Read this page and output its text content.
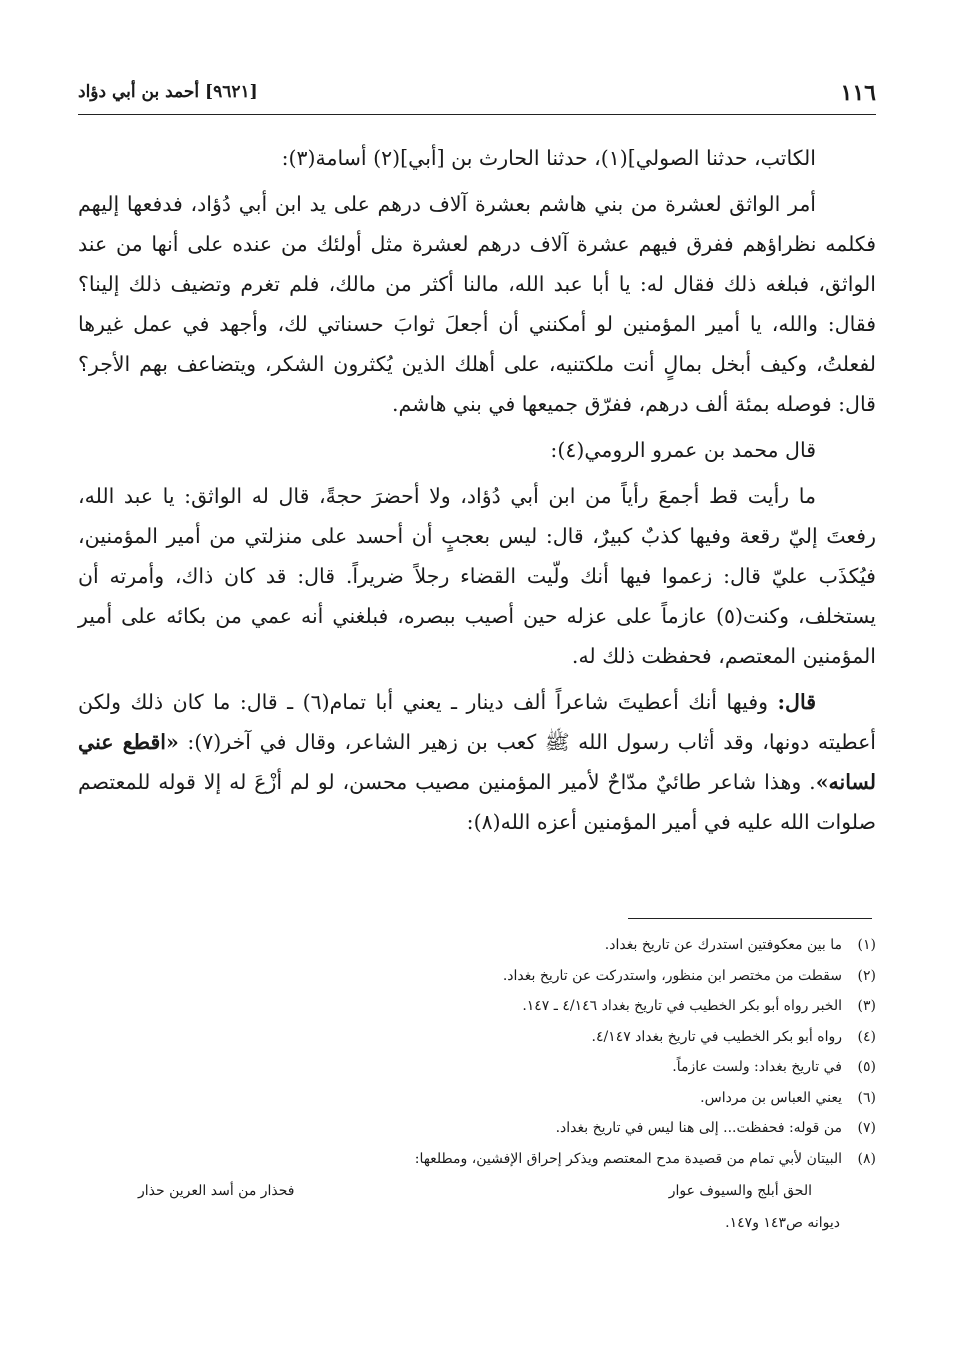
١١٦
[٩٦٢١] أحمد بن أبي دؤاد

الكاتب، حدثنا الصولي](١)، حدثنا الحارث بن [أبي](٢) أسامة(٣):

أمر الواثق لعشرة من بني هاشم بعشرة آلاف درهم على يد ابن أبي دُؤاد، فدفعها إليهم فكلمه نظراؤهم ففرق فيهم عشرة آلاف درهم لعشرة مثل أولئك من عنده على أنها من عند الواثق، فبلغه ذلك فقال له: يا أبا عبد الله، مالنا أكثر من مالك، فلم تغرم وتضيف ذلك إلينا؟ فقال: والله، يا أمير المؤمنين لو أمكنني أن أجعلَ ثوابَ حسناتي لك، وأجهد في عمل غيرها لفعلتُ، وكيف أبخل بمالٍ أنت ملكتنيه، على أهلك الذين يُكثرون الشكر، ويتضاعف بهم الأجر؟ قال: فوصله بمئة ألف درهم، ففرّق جميعها في بني هاشم.

قال محمد بن عمرو الرومي(٤):

ما رأيت قط أجمعَ رأياً من ابن أبي دُؤاد، ولا أحضرَ حجةً، قال له الواثق: يا عبد الله، رفعتَ إليّ رقعة وفيها كذبٌ كبيرٌ، قال: ليس بعجبٍ أن أحسد على منزلتي من أمير المؤمنين، فيُكذَب عليّ قال: زعموا فيها أنك ولّيت القضاء رجلاً ضريراً. قال: قد كان ذاك، وأمرته أن يستخلف، وكنت(٥) عازماً على عزله حين أصيب ببصره، فبلغني أنه عمي من بكائه على أمير المؤمنين المعتصم، فحفظت ذلك له.

قال: وفيها أنك أعطيتَ شاعراً ألف دينار ـ يعني أبا تمام(٦) ـ قال: ما كان ذلك ولكن أعطيته دونها، وقد أثاب رسول الله ﷺ كعب بن زهير الشاعر، وقال في آخر(٧): «اقطع عني لسانه». وهذا شاعر طائيٌ مدّاحٌ لأمير المؤمنين مصيب محسن، لو لم أزْعَ له إلا قوله للمعتصم صلوات الله عليه في أمير المؤمنين أعزه الله(٨):

(١)ما بين معكوفتين استدرك عن تاريخ بغداد.

(٢)سقطت من مختصر ابن منظور، واستدركت عن تاريخ بغداد.

(٣)الخبر رواه أبو بكر الخطيب في تاريخ بغداد ٤/١٤٦ ـ ١٤٧.

(٤)رواه أبو بكر الخطيب في تاريخ بغداد ٤/١٤٧.

(٥)في تاريخ بغداد: ولست عازماً.

(٦)يعني العباس بن مرداس.

(٧)من قوله: فحفظت... إلى هنا ليس في تاريخ بغداد.

(٨)البيتان لأبي تمام من قصيدة مدح المعتصم ويذكر إحراق الإفشين، ومطلعها:

الحق أبلج والسيوف عوار
فحذار من أسد العرين حذار

ديوانه ص١٤٣ و١٤٧.
